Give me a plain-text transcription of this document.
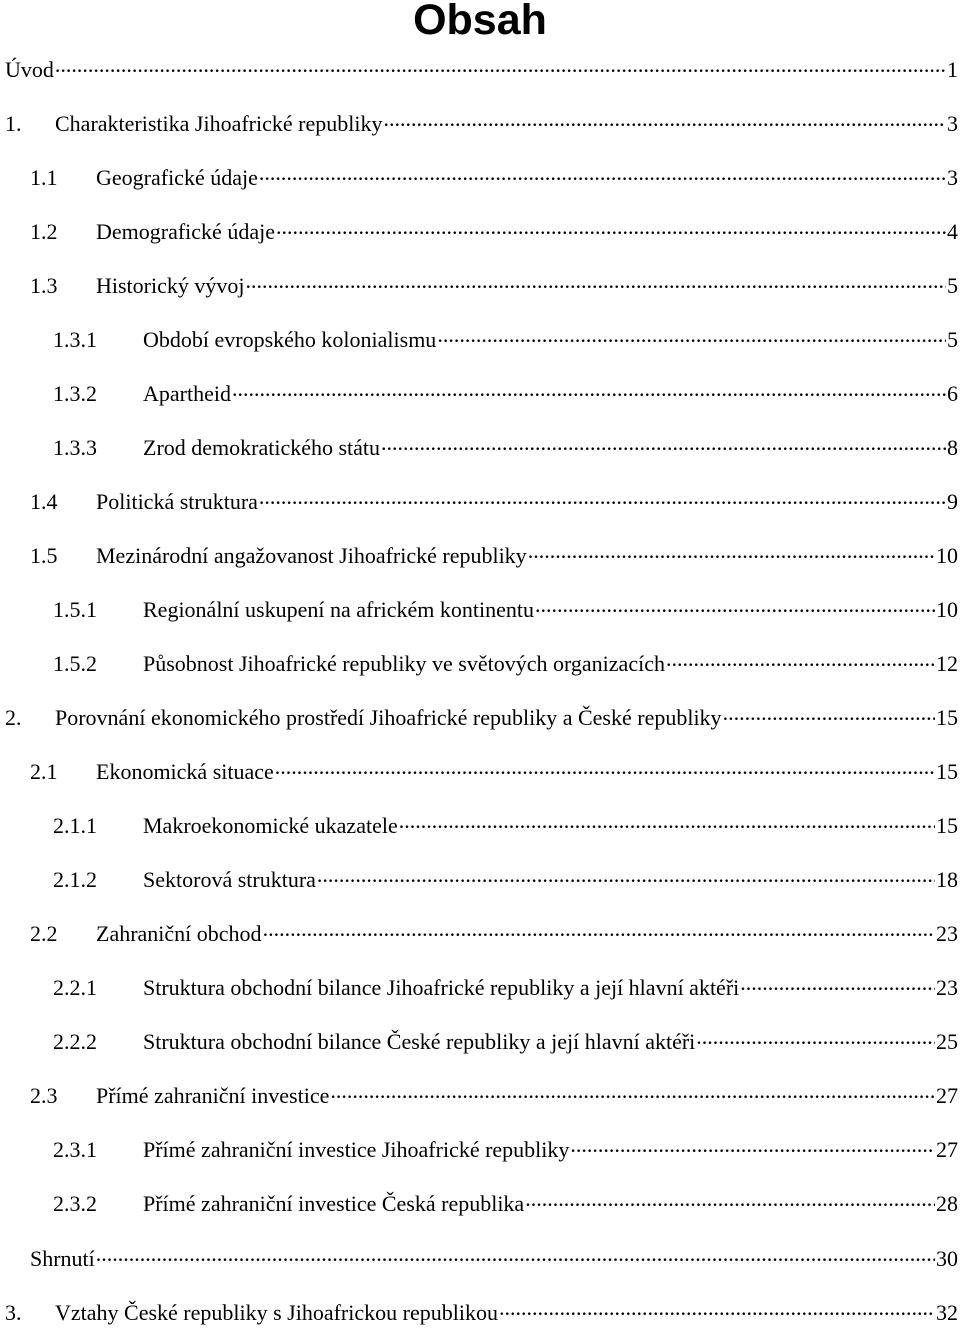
Obsah
Úvod .....	1
1.	Charakteristika Jihoafrické republiky .....	3
1.1	Geografické údaje .....	3
1.2	Demografické údaje .....	4
1.3	Historický vývoj .....	5
1.3.1	Období evropského kolonialismu .....	5
1.3.2	Apartheid .....	6
1.3.3	Zrod demokratického státu .....	8
1.4	Politická struktura .....	9
1.5	Mezinárodní angažovanost Jihoafrické republiky .....	10
1.5.1	Regionální uskupení na africkém kontinentu .....	10
1.5.2	Působnost Jihoafrické republiky ve světových organizacích .....	12
2.	Porovnání ekonomického prostředí Jihoafrické republiky a České republiky .....	15
2.1	Ekonomická situace .....	15
2.1.1	Makroekonomické ukazatele .....	15
2.1.2	Sektorová struktura .....	18
2.2	Zahraniční obchod .....	23
2.2.1	Struktura obchodní bilance Jihoafrické republiky a její hlavní aktéři .....	23
2.2.2	Struktura obchodní bilance České republiky a její hlavní aktéři .....	25
2.3	Přímé zahraniční investice .....	27
2.3.1	Přímé zahraniční investice Jihoafrické republiky .....	27
2.3.2	Přímé zahraniční investice Česká republika .....	28
Shrnutí .....	30
3.	Vztahy České republiky s Jihoafrickou republikou .....	32
